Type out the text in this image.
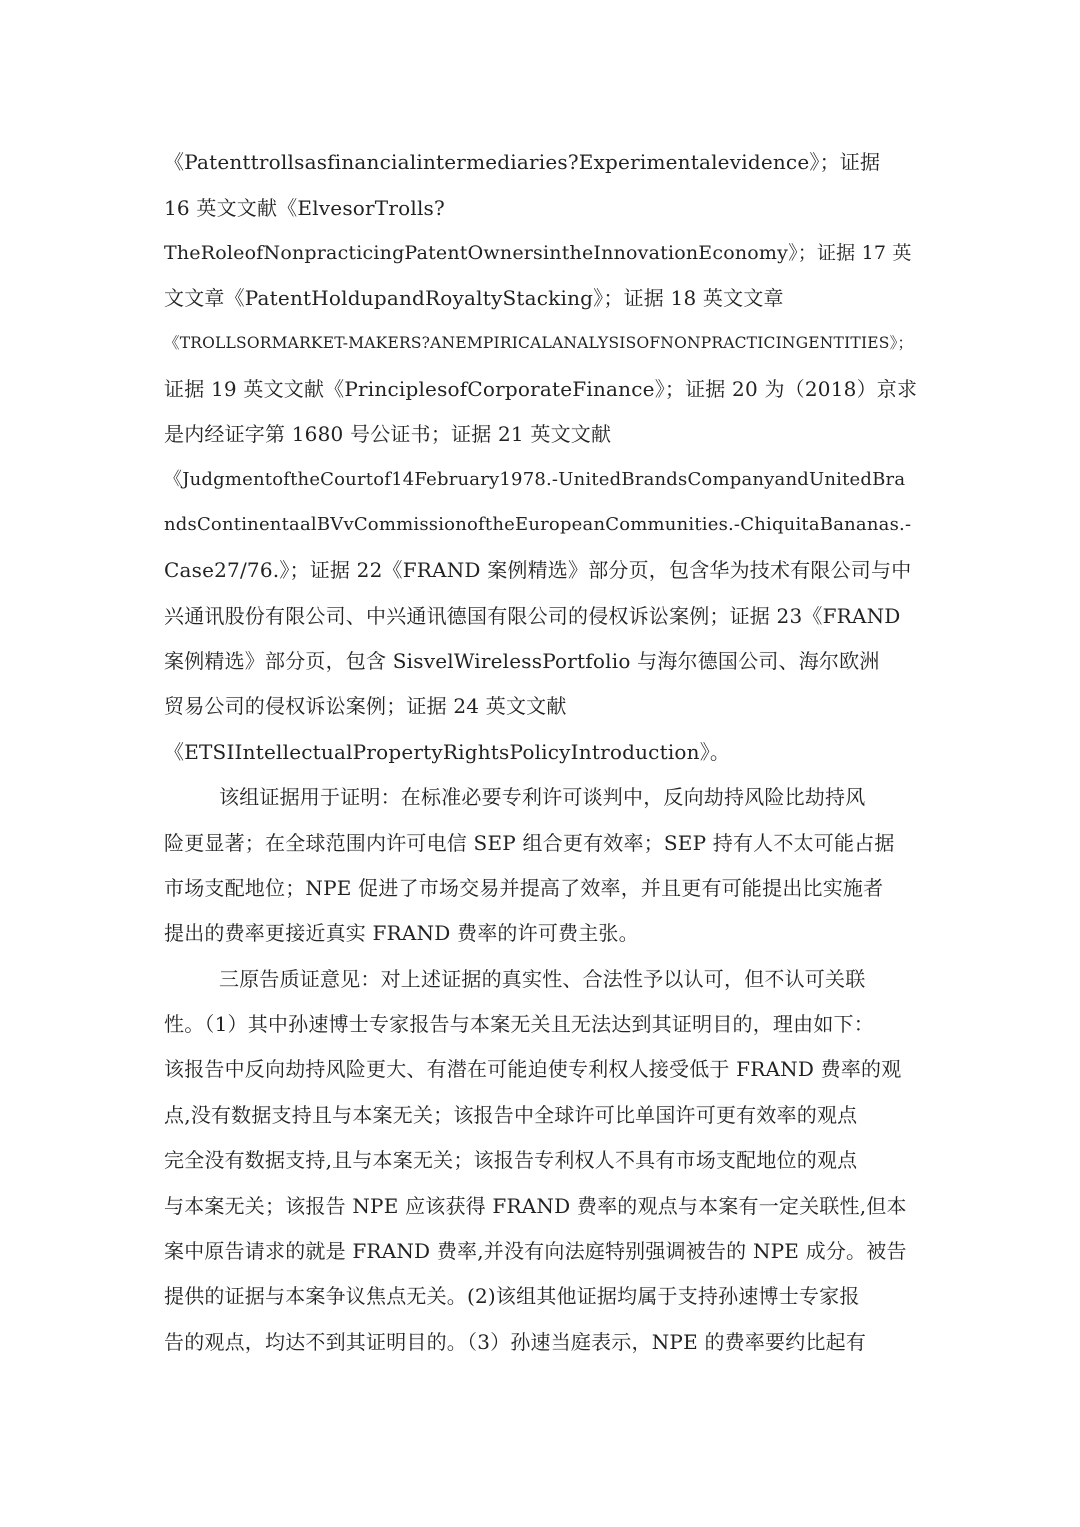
《Patenttrollsasfinancialintermediaries?Experimentalevidence》；证据
16 英文文献《ElvesorTrolls?
TheRoleofNonpracticingPatentOwnersintheInnovationEconomy》；证据 17 英
文文章《PatentHoldupandRoyaltyStacking》；证据 18 英文文章
《TROLLSORMARKET-MAKERS?ANEMPIRICALANALYSISOFNONPRACTICINGENTITIES》；
证据 19 英文文献《PrinciplesofCorporateFinance》；证据 20 为（2018）京求
是内经证字第 1680 号公证书；证据 21 英文文献
《JudgmentoftheCourtof14February1978.-UnitedBrandsCompanyandUnitedBra
ndsContinentaalBVvCommissionoftheEuropeanCommunities.-ChiquitaBananas.-
Case27/76.》；证据 22《FRAND 案例精选》部分页，包含华为技术有限公司与中
兴通讯股份有限公司、中兴通讯德国有限公司的侵权诉讼案例；证据 23《FRAND
案例精选》部分页，包含 SisvelWirelessPortfolio 与海尔德国公司、海尔欧洲
贸易公司的侵权诉讼案例；证据 24 英文文献
《ETSIIntellectualPropertyRightsPolicyIntroduction》。
该组证据用于证明：在标准必要专利许可谈判中，反向劫持风险比劫持风
险更显著；在全球范围内许可电信 SEP 组合更有效率；SEP 持有人不太可能占据
市场支配地位；NPE 促进了市场交易并提高了效率，并且更有可能提出比实施者
提出的费率更接近真实 FRAND 费率的许可费主张。
三原告质证意见：对上述证据的真实性、合法性予以认可，但不认可关联
性。（1）其中孙速博士专家报告与本案无关且无法达到其证明目的，理由如下：
该报告中反向劫持风险更大、有潜在可能迫使专利权人接受低于 FRAND 费率的观
点,没有数据支持且与本案无关；该报告中全球许可比单国许可更有效率的观点
完全没有数据支持,且与本案无关；该报告专利权人不具有市场支配地位的观点
与本案无关；该报告 NPE 应该获得 FRAND 费率的观点与本案有一定关联性,但本
案中原告请求的就是 FRAND 费率,并没有向法庭特别强调被告的 NPE 成分。被告
提供的证据与本案争议焦点无关。(2)该组其他证据均属于支持孙速博士专家报
告的观点，均达不到其证明目的。（3）孙速当庭表示，NPE 的费率要约比起有
